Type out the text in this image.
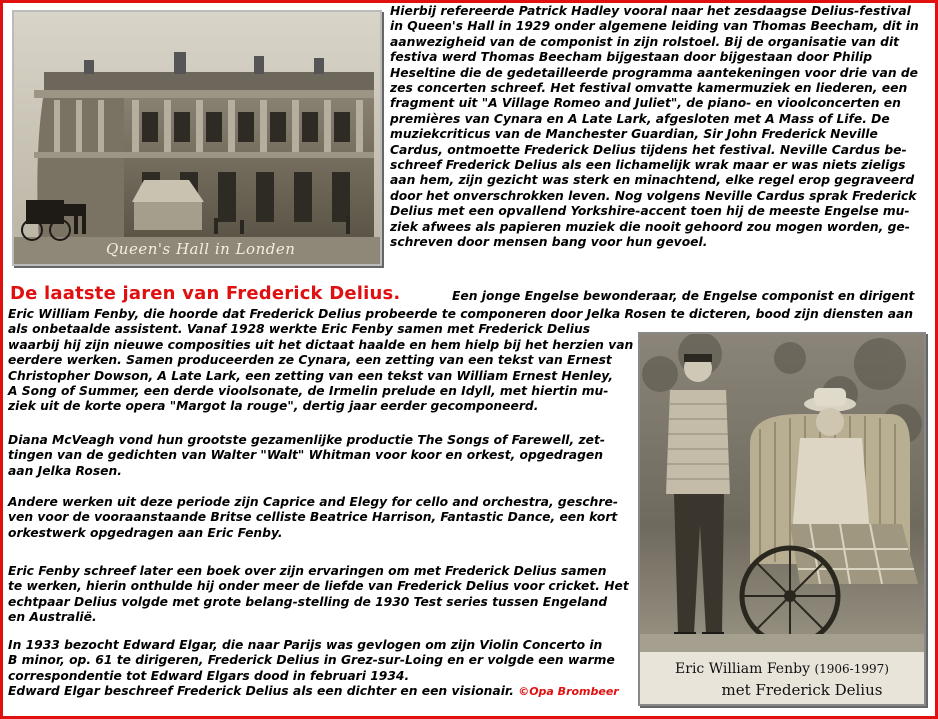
Queen's Hall in Londen
Hierbij refereerde Patrick Hadley vooral naar het zesdaagse Delius-festival
in Queen's Hall in 1929 onder algemene leiding van Thomas Beecham, dit in
aanwezigheid van de componist in zijn rolstoel. Bij de organisatie van dit
festiva werd Thomas Beecham bijgestaan door bijgestaan door Philip
Heseltine die de gedetailleerde programma aantekeningen voor drie van de
zes concerten schreef. Het festival omvatte kamermuziek en liederen, een
fragment uit "A Village Romeo and Juliet", de piano- en vioolconcerten en
premières van Cynara en A Late Lark, afgesloten met A Mass of Life. De
muziekcriticus van de Manchester Guardian, Sir John Frederick Neville
Cardus, ontmoette Frederick Delius tijdens het festival. Neville Cardus be-
schreef Frederick Delius als een lichamelijk wrak maar er was niets zieligs
aan hem, zijn gezicht was sterk en minachtend, elke regel erop gegraveerd
door het onverschrokken leven. Nog volgens Neville Cardus sprak Frederick
Delius met een opvallend Yorkshire-accent toen hij de meeste Engelse mu-
ziek afwees als papieren muziek die nooit gehoord zou mogen worden, ge-
schreven door mensen bang voor hun gevoel.
De laatste jaren van Frederick Delius.	Een jonge Engelse bewonderaar, de Engelse componist en dirigent
Eric William Fenby, die hoorde dat Frederick Delius probeerde te componeren door Jelka Rosen te dicteren, bood zijn diensten aan
als onbetaalde assistent. Vanaf 1928 werkte Eric Fenby samen met Frederick Delius
waarbij hij zijn nieuwe composities uit het dictaat haalde en hem hielp bij het herzien van
eerdere werken. Samen produceerden ze Cynara, een zetting van een tekst van Ernest
Christopher Dowson, A Late Lark, een zetting van een tekst van William Ernest Henley,
A Song of Summer, een derde vioolsonate, de Irmelin prelude en Idyll, met hiertin mu-
ziek uit de korte opera "Margot la rouge", dertig jaar eerder gecomponeerd.
Diana McVeagh vond hun grootste gezamenlijke productie The Songs of Farewell, zet-
tingen van de gedichten van Walter "Walt" Whitman voor koor en orkest, opgedragen
aan Jelka Rosen.
Andere werken uit deze periode zijn Caprice and Elegy for cello and orchestra, geschre-
ven voor de vooraanstaande Britse celliste Beatrice Harrison, Fantastic Dance, een kort
orkestwerk opgedragen aan Eric Fenby.
Eric Fenby schreef later een boek over zijn ervaringen om met Frederick Delius samen
te werken, hierin onthulde hij onder meer de liefde van Frederick Delius voor cricket. Het
echtpaar Delius volgde met grote belang-stelling de 1930 Test series tussen Engeland
en Australië.
In 1933 bezocht Edward Elgar, die naar Parijs was gevlogen om zijn Violin Concerto in
B minor, op. 61 te dirigeren, Frederick Delius in Grez-sur-Loing en er volgde een warme
correspondentie tot Edward Elgars dood in februari 1934.
Edward Elgar beschreef Frederick Delius als een dichter en een visionair. ©Opa Brombeer
Eric William Fenby (1906-1997)
met Frederick Delius
